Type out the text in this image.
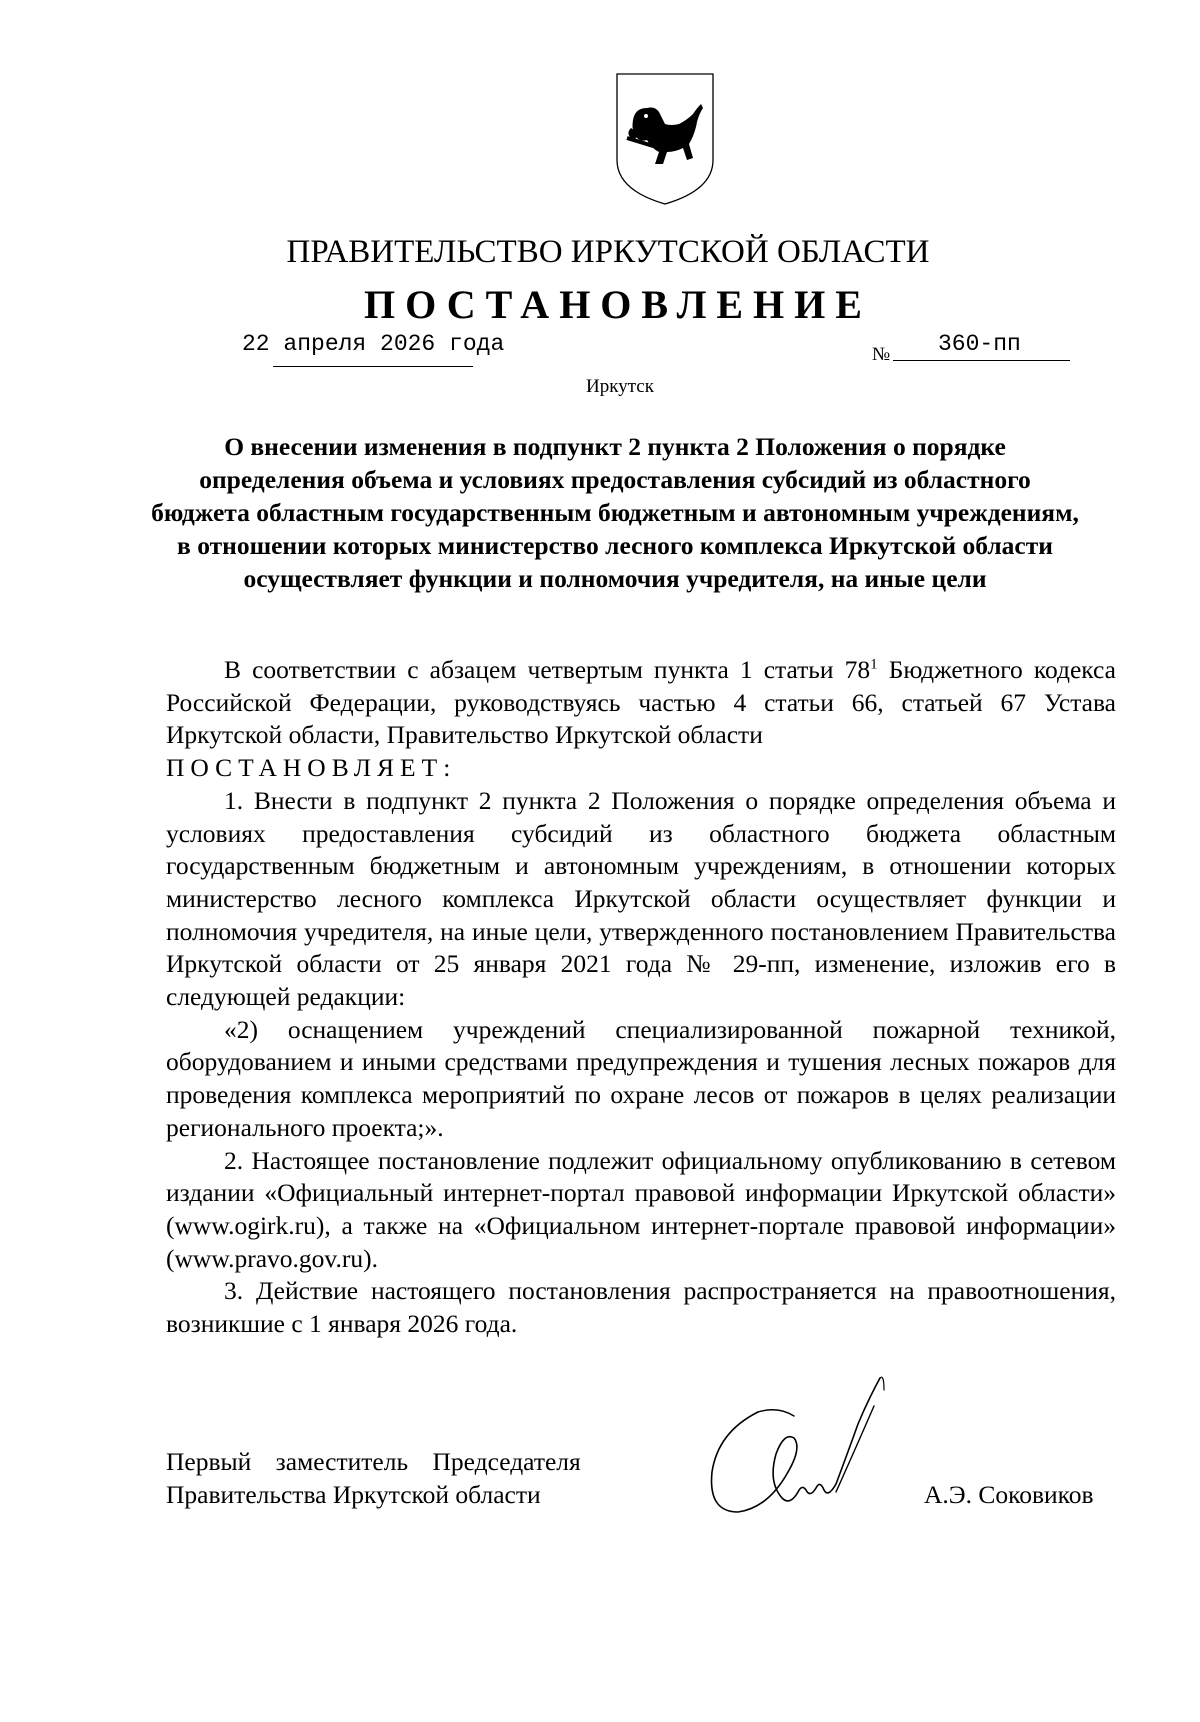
ПРАВИТЕЛЬСТВО ИРКУТСКОЙ ОБЛАСТИ
ПОСТАНОВЛЕНИЕ
22 апреля 2026 года	№ 360-пп
Иркутск
О внесении изменения в подпункт 2 пункта 2 Положения о порядке определения объема и условиях предоставления субсидий из областного бюджета областным государственным бюджетным и автономным учреждениям, в отношении которых министерство лесного комплекса Иркутской области осуществляет функции и полномочия учредителя, на иные цели

В соответствии с абзацем четвертым пункта 1 статьи $78^1$ Бюджетного кодекса Российской Федерации, руководствуясь частью 4 статьи 66, статьей 67 Устава Иркутской области, Правительство Иркутской области

ПОСТАНОВЛЯЕТ:

1. Внести в подпункт 2 пункта 2 Положения о порядке определения объема и условиях предоставления субсидий из областного бюджета областным государственным бюджетным и автономным учреждениям, в отношении которых министерство лесного комплекса Иркутской области осуществляет функции и полномочия учредителя, на иные цели, утвержденного постановлением Правительства Иркутской области от 25 января 2021 года № 29-пп, изменение, изложив его в следующей редакции:

«2) оснащением учреждений специализированной пожарной техникой, оборудованием и иными средствами предупреждения и тушения лесных пожаров для проведения комплекса мероприятий по охране лесов от пожаров в целях реализации регионального проекта;».

2. Настоящее постановление подлежит официальному опубликованию в сетевом издании «Официальный интернет-портал правовой информации Иркутской области» (www.ogirk.ru), а также на «Официальном интернет-портале правовой информации» (www.pravo.gov.ru).

3. Действие настоящего постановления распространяется на правоотношения, возникшие с 1 января 2026 года.

Первый заместитель Председателя
Правительства Иркутской области	А.Э. Соковиков
